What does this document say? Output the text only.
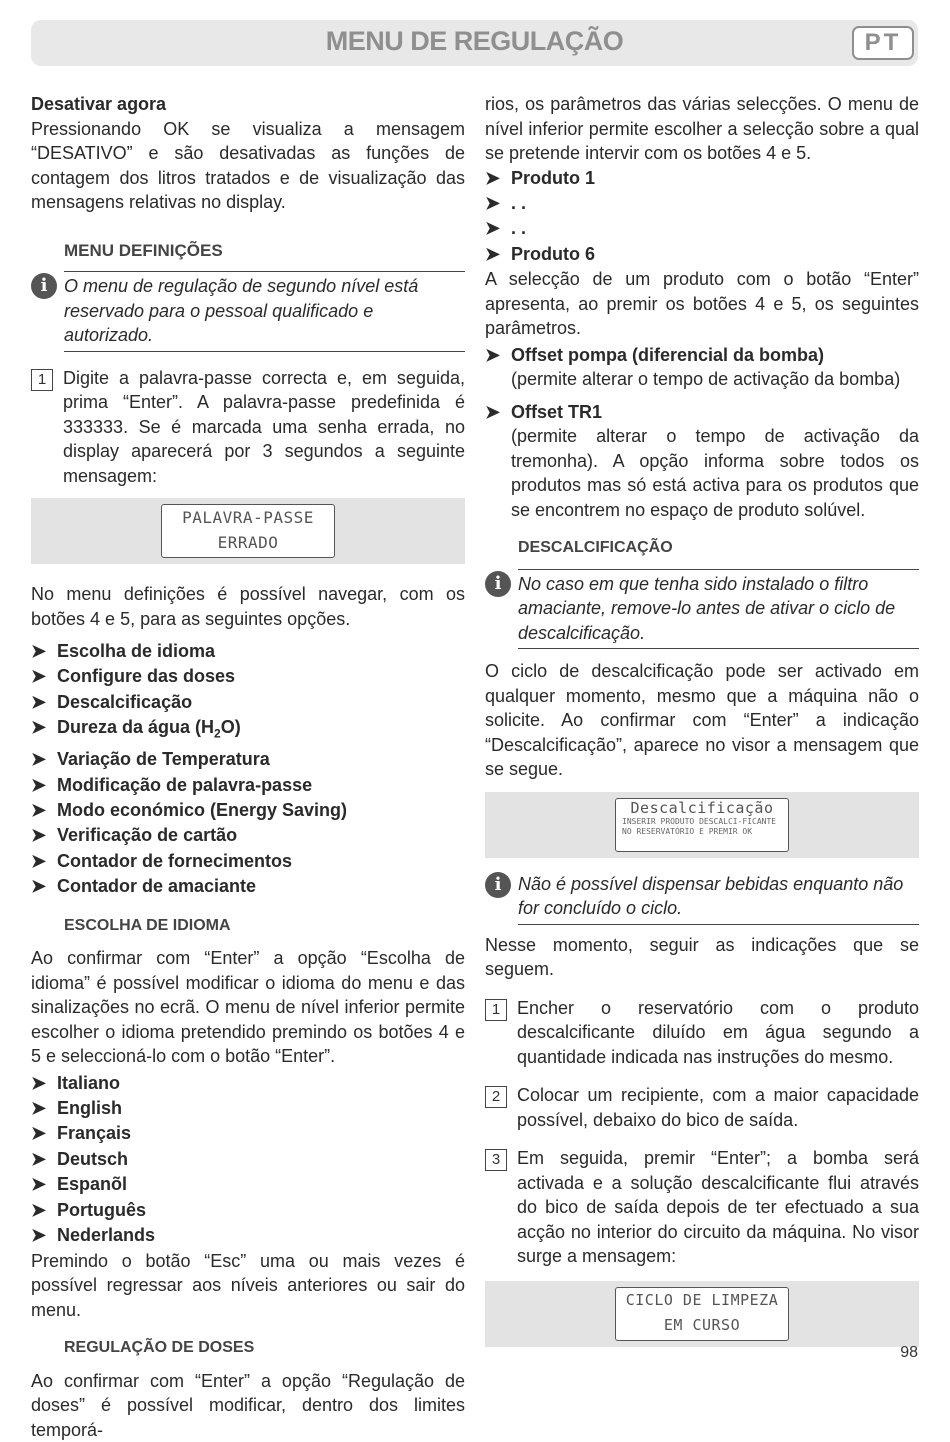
MENU DE REGULAÇÃO	PT

Desativar agora

Pressionando OK se visualiza a mensagem “DESATIVO” e são desativadas as funções de contagem dos litros tratados e de visualização das mensagens relativas no display.

MENU DEFINIÇÕES
i O menu de regulação de segundo nível está reservado para o pessoal qualificado e autorizado.
1 Digite a palavra-passe correcta e, em seguida, prima “Enter”. A palavra-passe predefinida é 333333. Se é marcada uma senha errada, no display aparecerá por 3 segundos a seguinte mensagem:
PALAVRA-PASSE
ERRADO

No menu definições é possível navegar, com os botões 4 e 5, para as seguintes opções.

➤ Escolha de idioma
➤ Configure das doses
➤ Descalcificação
➤ Dureza da água $(H_2O)$
➤ Variação de Temperatura
➤ Modificação de palavra-passe
➤ Modo económico (Energy Saving)
➤ Verificação de cartão
➤ Contador de fornecimentos
➤ Contador de amaciante
ESCOLHA DE IDIOMA

Ao confirmar com “Enter” a opção “Escolha de idioma” é possível modificar o idioma do menu e das sinalizações no ecrã. O menu de nível inferior permite escolher o idioma pretendido premindo os botões 4 e 5 e seleccioná-lo com o botão “Enter”.

➤ Italiano
➤ English
➤ Français
➤ Deutsch
➤ Espanõl
➤ Português
➤ Nederlands

Premindo o botão “Esc” uma ou mais vezes é possível regressar aos níveis anteriores ou sair do menu.

REGULAÇÃO DE DOSES

Ao confirmar com “Enter” a opção “Regulação de doses” é possível modificar, dentro dos limites temporá-

rios, os parâmetros das várias selecções. O menu de nível inferior permite escolher a selecção sobre a qual se pretende intervir com os botões 4 e 5.

➤ Produto 1
➤ . .
➤ . .
➤ Produto 6

A selecção de um produto com o botão “Enter” apresenta, ao premir os botões 4 e 5, os seguintes parâmetros.

➤ Offset pompa (diferencial da bomba)
(permite alterar o tempo de activação da bomba)
➤ Offset TR1
(permite alterar o tempo de activação da tremonha). A opção informa sobre todos os produtos mas só está activa para os produtos que se encontrem no espaço de produto solúvel.
DESCALCIFICAÇÃO
i No caso em que tenha sido instalado o filtro amaciante, remove-lo antes de ativar o ciclo de descalcificação.

O ciclo de descalcificação pode ser activado em qualquer momento, mesmo que a máquina não o solicite. Ao confirmar com “Enter” a indicação “Descalcificação”, aparece no visor a mensagem que se segue.

Descalcificação
INSERIR PRODUTO DESCALCI-FICANTE NO RESERVATÓRIO E PREMIR OK
i Não é possível dispensar bebidas enquanto não for concluído o ciclo.

Nesse momento, seguir as indicações que se seguem.

1 Encher o reservatório com o produto descalcificante diluído em água segundo a quantidade indicada nas instruções do mesmo.
2 Colocar um recipiente, com a maior capacidade possível, debaixo do bico de saída.
3 Em seguida, premir “Enter”; a bomba será activada e a solução descalcificante flui através do bico de saída depois de ter efectuado a sua acção no interior do circuito da máquina. No visor surge a mensagem:
CICLO DE LIMPEZA
EM CURSO
98
